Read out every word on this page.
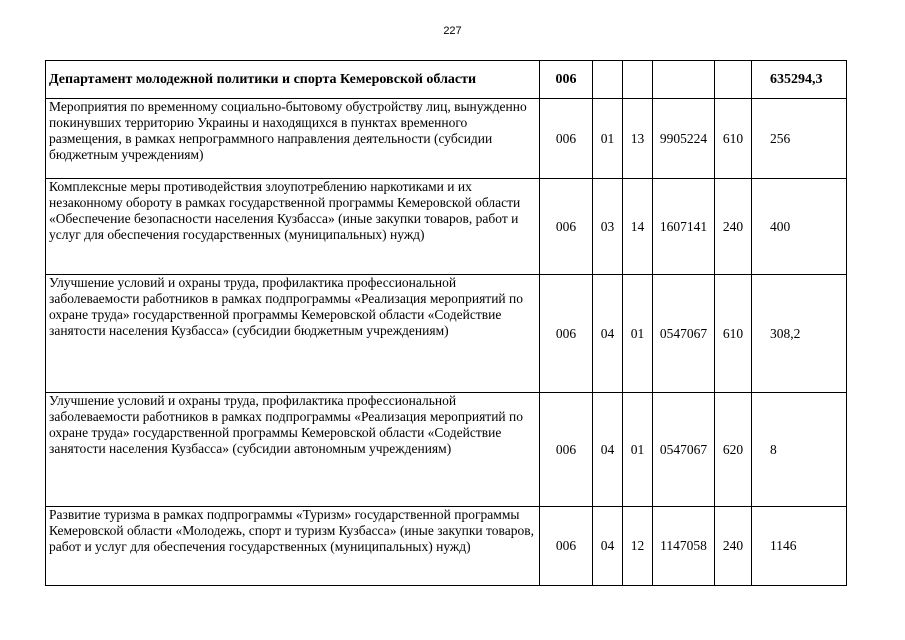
227
Департамент молодежной политики и спорта Кемеровской области	006					635294,3
Мероприятия по временному социально-бытовому обустройству лиц, вынужденно покинувших территорию Украины и находящихся в пунктах временного размещения, в рамках непрограммного направления деятельности (субсидии бюджетным учреждениям)	006	01	13	9905224	610	256
Комплексные меры противодействия злоупотреблению наркотиками и их незаконному обороту в рамках государственной программы Кемеровской области «Обеспечение безопасности населения Кузбасса» (иные закупки товаров, работ и услуг для обеспечения государственных (муниципальных) нужд)	006	03	14	1607141	240	400
Улучшение условий и охраны труда, профилактика профессиональной заболеваемости работников в рамках подпрограммы «Реализация мероприятий по охране труда» государственной программы Кемеровской области «Содействие занятости населения Кузбасса» (субсидии бюджетным учреждениям)	006	04	01	0547067	610	308,2
Улучшение условий и охраны труда, профилактика профессиональной заболеваемости работников в рамках подпрограммы «Реализация мероприятий по охране труда» государственной программы Кемеровской области «Содействие занятости населения Кузбасса» (субсидии автономным учреждениям)	006	04	01	0547067	620	8
Развитие туризма в рамках подпрограммы «Туризм» государственной программы Кемеровской области «Молодежь, спорт и туризм Кузбасса» (иные закупки товаров, работ и услуг для обеспечения государственных (муниципальных) нужд)	006	04	12	1147058	240	1146
